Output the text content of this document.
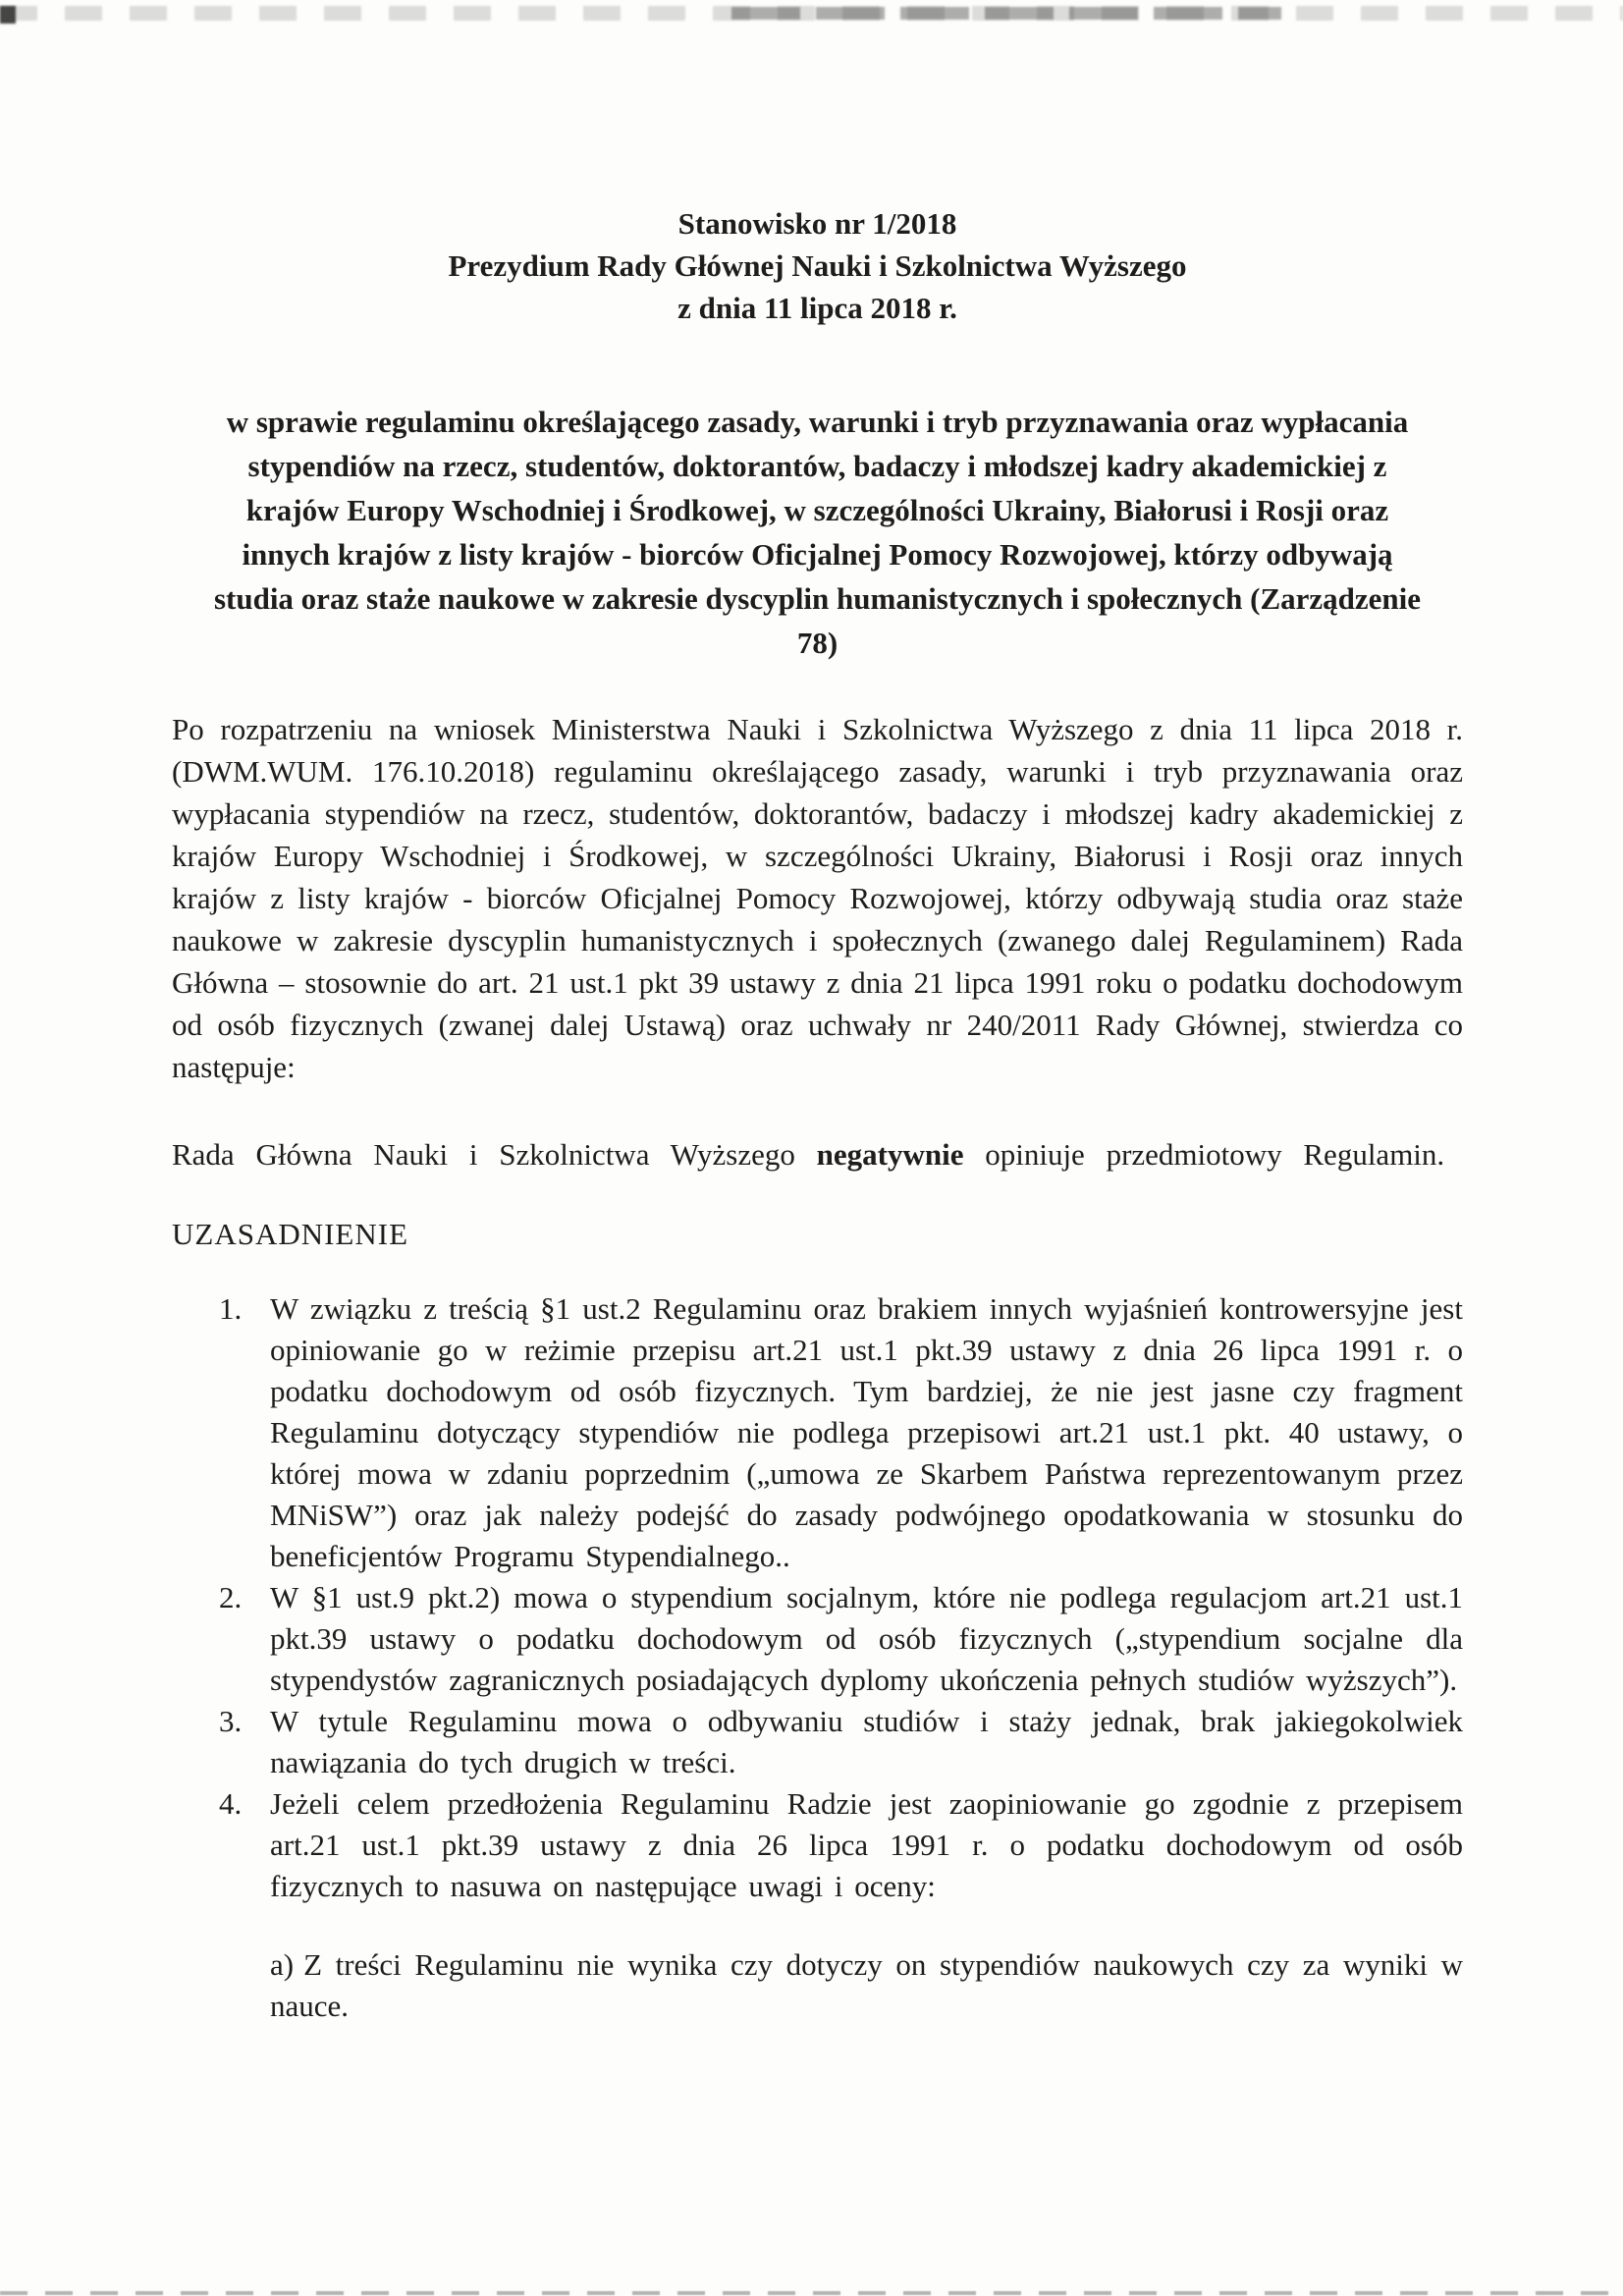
Stanowisko nr 1/2018
Prezydium Rady Głównej Nauki i Szkolnictwa Wyższego
z dnia 11 lipca 2018 r.

w sprawie regulaminu określającego zasady, warunki i tryb przyznawania oraz wypłacania stypendiów na rzecz, studentów, doktorantów, badaczy i młodszej kadry akademickiej z krajów Europy Wschodniej i Środkowej, w szczególności Ukrainy, Białorusi i Rosji oraz innych krajów z listy krajów - biorców Oficjalnej Pomocy Rozwojowej, którzy odbywają studia oraz staże naukowe w zakresie dyscyplin humanistycznych i społecznych (Zarządzenie 78)

Po rozpatrzeniu na wniosek Ministerstwa Nauki i Szkolnictwa Wyższego z dnia 11 lipca 2018 r. (DWM.WUM. 176.10.2018) regulaminu określającego zasady, warunki i tryb przyznawania oraz wypłacania stypendiów na rzecz, studentów, doktorantów, badaczy i młodszej kadry akademickiej z krajów Europy Wschodniej i Środkowej, w szczególności Ukrainy, Białorusi i Rosji oraz innych krajów z listy krajów - biorców Oficjalnej Pomocy Rozwojowej, którzy odbywają studia oraz staże naukowe w zakresie dyscyplin humanistycznych i społecznych (zwanego dalej Regulaminem) Rada Główna – stosownie do art. 21 ust.1 pkt 39 ustawy z dnia 21 lipca 1991 roku o podatku dochodowym od osób fizycznych (zwanej dalej Ustawą) oraz uchwały nr 240/2011 Rady Głównej, stwierdza co następuje:

Rada Główna Nauki i Szkolnictwa Wyższego negatywnie opiniuje przedmiotowy Regulamin.

UZASADNIENIE
1. W związku z treścią §1 ust.2 Regulaminu oraz brakiem innych wyjaśnień kontrowersyjne jest opiniowanie go w reżimie przepisu art.21 ust.1 pkt.39 ustawy z dnia 26 lipca 1991 r. o podatku dochodowym od osób fizycznych. Tym bardziej, że nie jest jasne czy fragment Regulaminu dotyczący stypendiów nie podlega przepisowi art.21 ust.1 pkt. 40 ustawy, o której mowa w zdaniu poprzednim („umowa ze Skarbem Państwa reprezentowanym przez MNiSW”) oraz jak należy podejść do zasady podwójnego opodatkowania w stosunku do beneficjentów Programu Stypendialnego..
2. W §1 ust.9 pkt.2) mowa o stypendium socjalnym, które nie podlega regulacjom art.21 ust.1 pkt.39 ustawy o podatku dochodowym od osób fizycznych („stypendium socjalne dla stypendystów zagranicznych posiadających dyplomy ukończenia pełnych studiów wyższych”).
3. W tytule Regulaminu mowa o odbywaniu studiów i staży jednak, brak jakiegokolwiek nawiązania do tych drugich w treści.
4. Jeżeli celem przedłożenia Regulaminu Radzie jest zaopiniowanie go zgodnie z przepisem art.21 ust.1 pkt.39 ustawy z dnia 26 lipca 1991 r. o podatku dochodowym od osób fizycznych to nasuwa on następujące uwagi i oceny:

a) Z treści Regulaminu nie wynika czy dotyczy on stypendiów naukowych czy za wyniki w nauce.
